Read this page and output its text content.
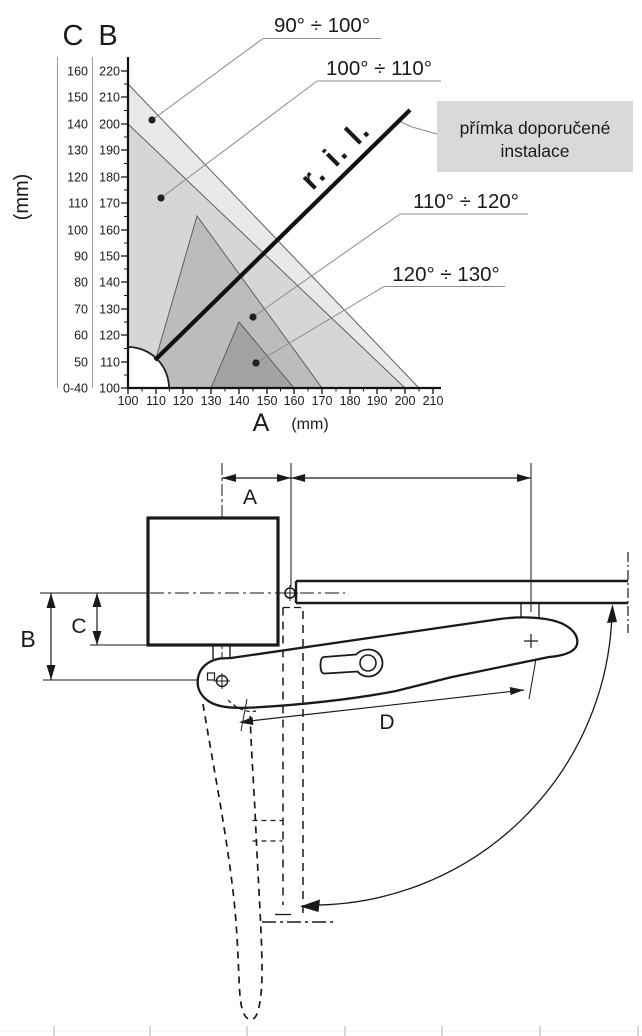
r. i. l.	přímka doporučené
instalace
90° ÷ 100°
100° ÷ 110°
110° ÷ 120°
120° ÷ 130°
C B
(mm)
220
210
200
190
180
170
160
150
140
130
120
110
100
160
150
140
130
120
110
100
90
80
70
60
50
0-40
100 110 120 130 140 150 160 170 180 190 200 210
A (mm)
A
B C
D
